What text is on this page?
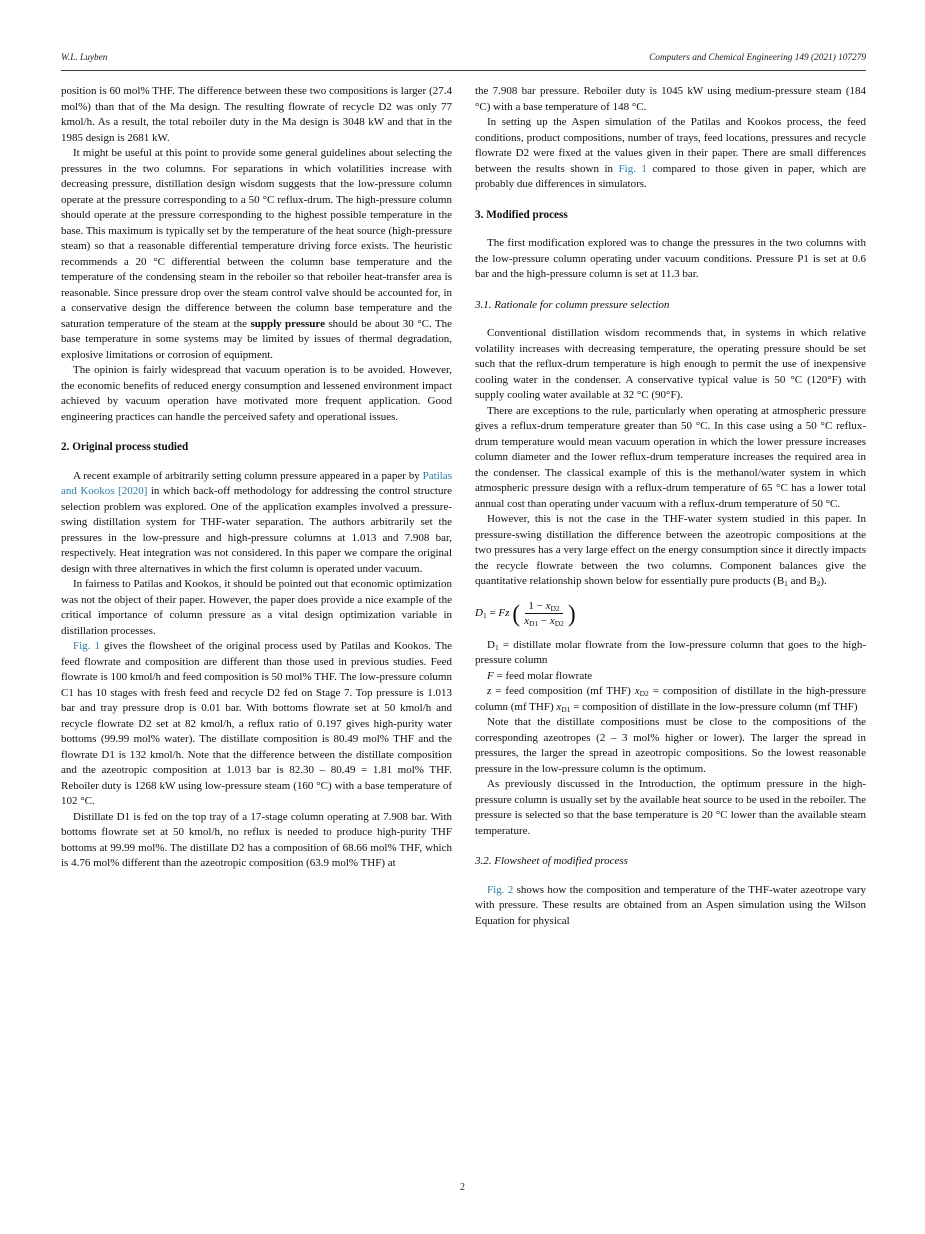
W.L. Luyben	Computers and Chemical Engineering 149 (2021) 107279

position is 60 mol% THF. The difference between these two compositions is larger (27.4 mol%) than that of the Ma design. The resulting flowrate of recycle D2 was only 77 kmol/h. As a result, the total reboiler duty in the Ma design is 3048 kW and that in the 1985 design is 2681 kW.

It might be useful at this point to provide some general guidelines about selecting the pressures in the two columns. For separations in which volatilities increase with decreasing pressure, distillation design wisdom suggests that the low-pressure column operate at the pressure corresponding to a 50 °C reflux-drum. The high-pressure column should operate at the pressure corresponding to the highest possible temperature in the base. This maximum is typically set by the temperature of the heat source (high-pressure steam) so that a reasonable differential temperature driving force exists. The heuristic recommends a 20 °C differential between the column base temperature and the temperature of the condensing steam in the reboiler so that reboiler heat-transfer area is reasonable. Since pressure drop over the steam control valve should be accounted for, in a conservative design the difference between the column base temperature and the saturation temperature of the steam at the supply pressure should be about 30 °C. The base temperature in some systems may be limited by issues of thermal degradation, explosive limitations or corrosion of equipment.

The opinion is fairly widespread that vacuum operation is to be avoided. However, the economic benefits of reduced energy consumption and lessened environment impact achieved by vacuum operation have motivated more frequent application. Good engineering practices can handle the perceived safety and operational issues.

2. Original process studied

A recent example of arbitrarily setting column pressure appeared in a paper by Patilas and Kookos [2020] in which back-off methodology for addressing the control structure selection problem was explored. One of the application examples involved a pressure-swing distillation system for THF-water separation. The authors arbitrarily set the pressures in the low-pressure and high-pressure columns at 1.013 and 7.908 bar, respectively. Heat integration was not considered. In this paper we compare the original design with three alternatives in which the first column is operated under vacuum.

In fairness to Patilas and Kookos, it should be pointed out that economic optimization was not the object of their paper. However, the paper does provide a nice example of the critical importance of column pressure as a vital design optimization variable in distillation processes.

Fig. 1 gives the flowsheet of the original process used by Patilas and Kookos. The feed flowrate and composition are different than those used in previous studies. Feed flowrate is 100 kmol/h and feed composition is 50 mol% THF. The low-pressure column C1 has 10 stages with fresh feed and recycle D2 fed on Stage 7. Top pressure is 1.013 bar and tray pressure drop is 0.01 bar. With bottoms flowrate set at 50 kmol/h and recycle flowrate D2 set at 82 kmol/h, a reflux ratio of 0.197 gives high-purity water bottoms (99.99 mol% water). The distillate composition is 80.49 mol% THF and the flowrate D1 is 132 kmol/h. Note that the difference between the distillate composition and the azeotropic composition at 1.013 bar is 82.30 – 80.49 = 1.81 mol% THF. Reboiler duty is 1268 kW using low-pressure steam (160 °C) with a base temperature of 102 °C.

Distillate D1 is fed on the top tray of a 17-stage column operating at 7.908 bar. With bottoms flowrate set at 50 kmol/h, no reflux is needed to produce high-purity THF bottoms at 99.99 mol%. The distillate D2 has a composition of 68.66 mol% THF, which is 4.76 mol% different than the azeotropic composition (63.9 mol% THF) at

the 7.908 bar pressure. Reboiler duty is 1045 kW using medium-pressure steam (184 °C) with a base temperature of 148 °C.

In setting up the Aspen simulation of the Patilas and Kookos process, the feed conditions, product compositions, number of trays, feed locations, pressures and recycle flowrate D2 were fixed at the values given in their paper. There are small differences between the results shown in Fig. 1 compared to those given in paper, which are probably due differences in simulators.

3. Modified process

The first modification explored was to change the pressures in the two columns with the low-pressure column operating under vacuum conditions. Pressure P1 is set at 0.6 bar and the high-pressure column is set at 11.3 bar.

3.1. Rationale for column pressure selection

Conventional distillation wisdom recommends that, in systems in which relative volatility increases with decreasing temperature, the operating pressure should be set such that the reflux-drum temperature is high enough to permit the use of inexpensive cooling water in the condenser. A conservative typical value is 50 °C (120°F) with supply cooling water available at 32 °C (90°F).

There are exceptions to the rule, particularly when operating at atmospheric pressure gives a reflux-drum temperature greater than 50 °C. In this case using a 50 °C reflux-drum temperature would mean vacuum operation in which the lower pressure increases column diameter and the lower reflux-drum temperature increases the required area in the condenser. The classical example of this is the methanol/water system in which atmospheric pressure design with a reflux-drum temperature of 65 °C has a lower total annual cost than operating under vacuum with a reflux-drum temperature of 50 °C.

However, this is not the case in the THF-water system studied in this paper. In pressure-swing distillation the difference between the azeotropic compositions at the two pressures has a very large effect on the energy consumption since it directly impacts the recycle flowrate between the two columns. Component balances give the quantitative relationship shown below for essentially pure products ($B_1$ and $B_2$).

$D_1 = Fz$ ( $\frac{1 - x_{D2}}{x_{D1} - x_{D2}}$ )

$D_1$ = distillate molar flowrate from the low-pressure column that goes to the high-pressure column

F = feed molar flowrate

z = feed composition (mf THF) $x_{D2}$ = composition of distillate in the high-pressure column (mf THF) $x_{D1}$ = composition of distillate in the low-pressure column (mf THF)

Note that the distillate compositions must be close to the compositions of the corresponding azeotropes (2 – 3 mol% higher or lower). The larger the spread in pressures, the larger the spread in azeotropic compositions. So the lowest reasonable pressure in the low-pressure column is the optimum.

As previously discussed in the Introduction, the optimum pressure in the high-pressure column is usually set by the available heat source to be used in the reboiler. The pressure is selected so that the base temperature is 20 °C lower than the available steam temperature.

3.2. Flowsheet of modified process

Fig. 2 shows how the composition and temperature of the THF-water azeotrope vary with pressure. These results are obtained from an Aspen simulation using the Wilson Equation for physical

2
